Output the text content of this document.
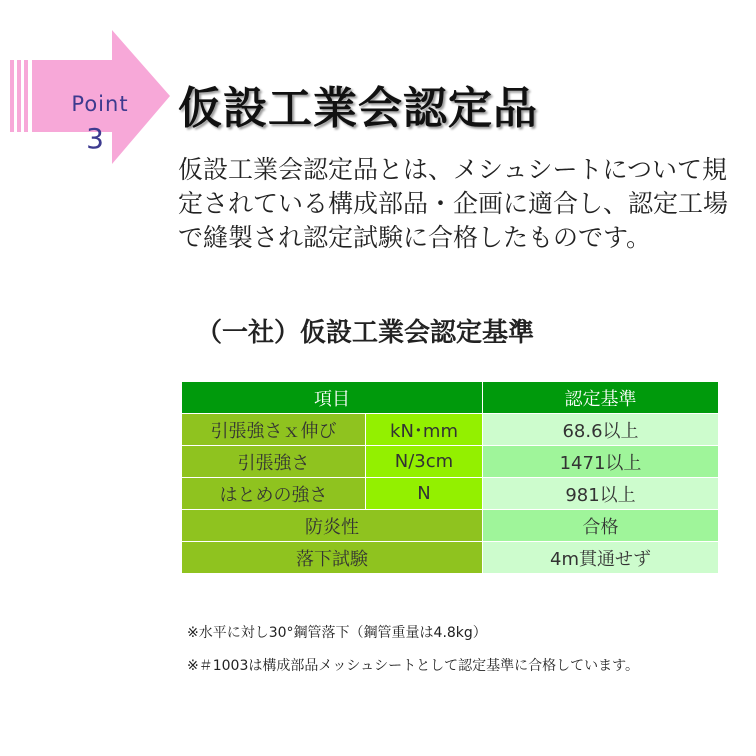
Point
3
仮設工業会認定品
仮設工業会認定品とは、メシュシートについて規定されている構成部品・企画に適合し、認定工場で縫製され認定試験に合格したものです。
（一社）仮設工業会認定基準
項目		認定基準
引張強さｘ伸び	kN･mm	68.6以上
引張強さ	N/3cm	1471以上
はとめの強さ	N	981以上
防炎性		合格
落下試験		4m貫通せず
※水平に対し30°鋼管落下（鋼管重量は4.8kg）
※＃1003は構成部品メッシュシートとして認定基準に合格しています。
